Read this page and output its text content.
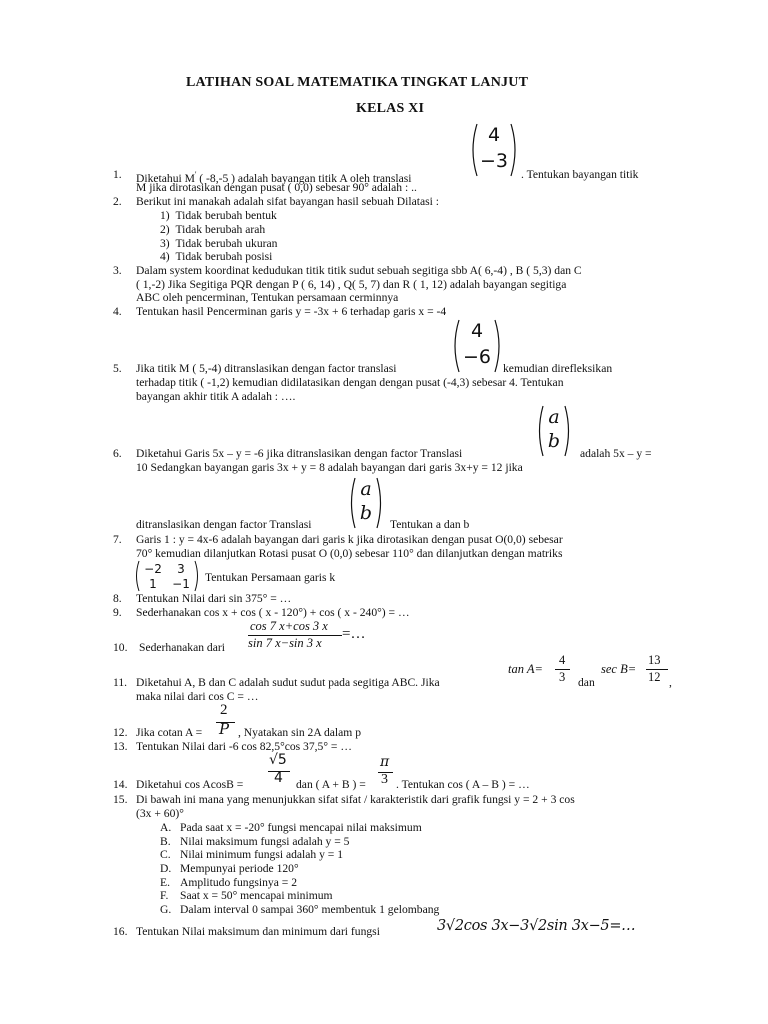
LATIHAN SOAL MATEMATIKA TINGKAT LANJUT
KELAS XI
1. Diketahui M' ( -8,-5 ) adalah bayangan titik A oleh translasi
4
−3
. Tentukan bayangan titik
M jika dirotasikan dengan pusat ( 0,0) sebesar 90° adalah : ..
2. Berikut ini manakah adalah sifat bayangan hasil sebuah Dilatasi :
1) Tidak berubah bentuk
2) Tidak berubah arah
3) Tidak berubah ukuran
4) Tidak berubah posisi
3. Dalam system koordinat kedudukan titik titik sudut sebuah segitiga sbb A( 6,-4) , B ( 5,3) dan C
( 1,-2) Jika Segitiga PQR dengan P ( 6, 14) , Q( 5, 7) dan R ( 1, 12) adalah bayangan segitiga
ABC oleh pencerminan, Tentukan persamaan cerminnya
4. Tentukan hasil Pencerminan garis y = -3x + 6 terhadap garis x = -4
5. Jika titik M ( 5,-4) ditranslasikan dengan factor translasi
4
−6
kemudian direfleksikan
terhadap titik ( -1,2) kemudian didilatasikan dengan dengan pusat (-4,3) sebesar 4. Tentukan
bayangan akhir titik A adalah : ….
6. Diketahui Garis 5x – y = -6 jika ditranslasikan dengan factor Translasi
a
b
adalah 5x – y =
10 Sedangkan bayangan garis 3x + y = 8 adalah bayangan dari garis 3x+y = 12 jika
ditranslasikan dengan factor Translasi
a
b
Tentukan a dan b
7. Garis 1 : y = 4x-6 adalah bayangan dari garis k jika dirotasikan dengan pusat O(0,0) sebesar
70° kemudian dilanjutkan Rotasi pusat O (0,0) sebesar 110° dan dilanjutkan dengan matriks
−2	3
1	−1	Tentukan Persamaan garis k
8. Tentukan Nilai dari sin 375° = …
9. Sederhanakan cos x + cos ( x - 120°) + cos ( x - 240°) = …
10. Sederhanakan dari
cos 7 x+cos 3 x
sin 7 x−sin 3 x
=…
11. Diketahui A, B dan C adalah sudut sudut pada segitiga ABC. Jika
tan A=
4
3 dan
sec B=
13
12 ,
maka nilai dari cos C = …
12. Jika cotan A =
2
P , Nyatakan sin 2A dalam p
13. Tentukan Nilai dari -6 cos 82,5°cos 37,5° = …
14. Diketahui cos AcosB =
√5
4 dan ( A + B ) =
π
3 . Tentukan cos ( A – B ) = …
15. Di bawah ini mana yang menunjukkan sifat sifat / karakteristik dari grafik fungsi y = 2 + 3 cos
(3x + 60)°
A. Pada saat x = -20° fungsi mencapai nilai maksimum
B. Nilai maksimum fungsi adalah y = 5
C. Nilai minimum fungsi adalah y = 1
D. Mempunyai periode 120°
E. Amplitudo fungsinya = 2
F. Saat x = 50° mencapai minimum
G. Dalam interval 0 sampai 360° membentuk 1 gelombang
16. Tentukan Nilai maksimum dan minimum dari fungsi	3√2cos 3x−3√2sin 3x−5=…
